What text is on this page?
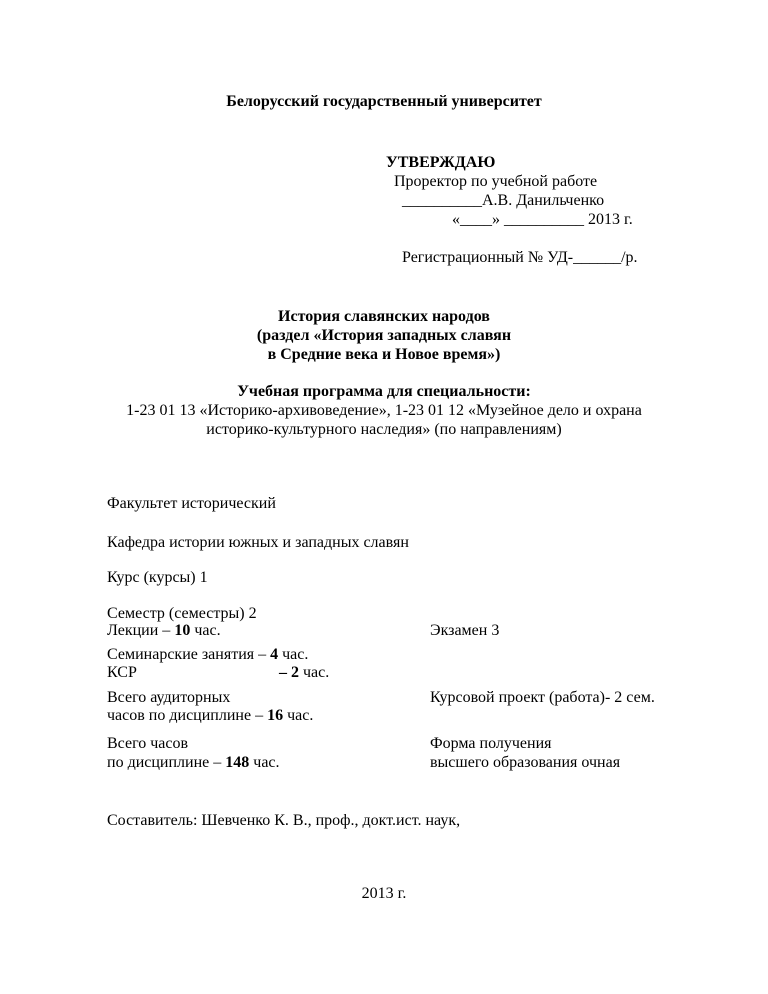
Белорусский государственный университет
УТВЕРЖДАЮ
Проректор по учебной работе
__________А.В. Данильченко
«____» __________ 2013 г.
Регистрационный № УД-______/р.
История славянских народов
(раздел «История западных славян
в Средние века и Новое время»)
Учебная программа для специальности:
1-23 01 13 «Историко-архивоведение», 1-23 01 12 «Музейное дело и охрана
историко-культурного наследия» (по направлениям)
Факультет исторический
Кафедра истории южных и западных славян
Курс (курсы) 1
Семестр (семестры) 2
Лекции – 10 час.	Экзамен 3
Семинарские занятия – 4 час.
КСР	– 2 час.
Всего аудиторных
часов по дисциплине – 16 час.
Курсовой проект (работа)- 2 сем.
Всего часов
по дисциплине – 148 час.
Форма получения
высшего образования очная
Составитель: Шевченко К. В., проф., докт.ист. наук,
2013 г.
